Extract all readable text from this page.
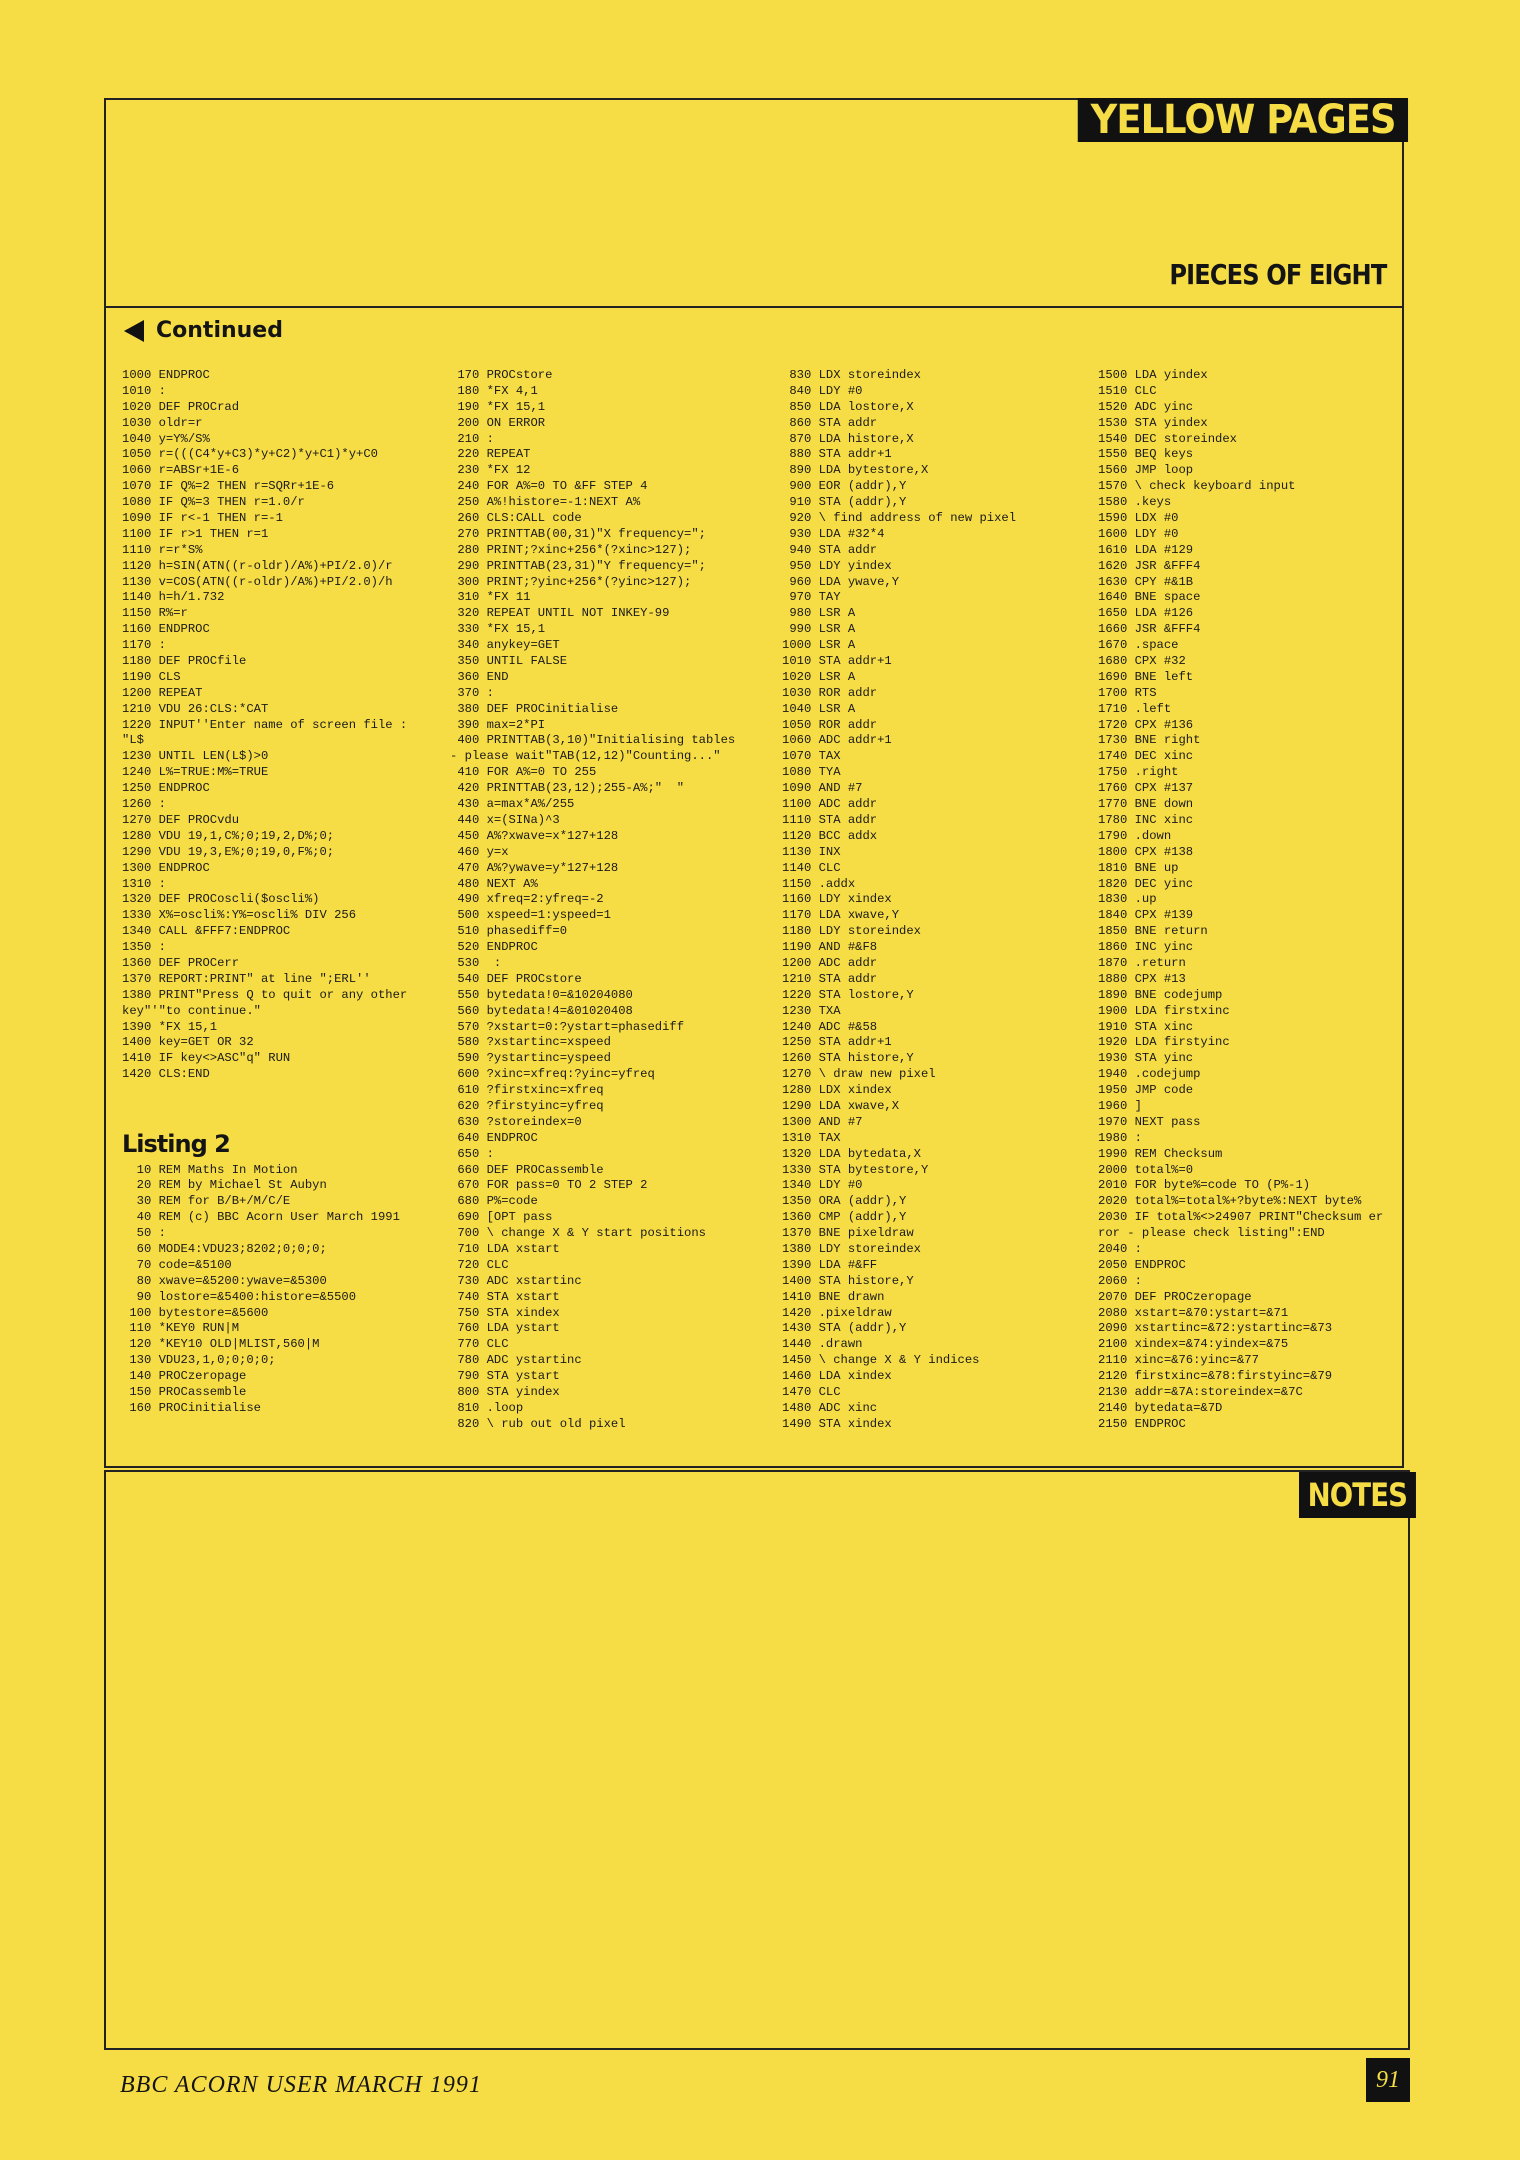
YELLOW PAGES
PIECES OF EIGHT
Continued
Listing 2
1000 ENDPROC
1010 :
1020 DEF PROCrad
1030 oldr=r
1040 y=Y%/S%
1050 r=(((C4*y+C3)*y+C2)*y+C1)*y+C0
1060 r=ABSr+1E-6
1070 IF Q%=2 THEN r=SQRr+1E-6
1080 IF Q%=3 THEN r=1.0/r
1090 IF r<-1 THEN r=-1
1100 IF r>1 THEN r=1
1110 r=r*S%
1120 h=SIN(ATN((r-oldr)/A%)+PI/2.0)/r
1130 v=COS(ATN((r-oldr)/A%)+PI/2.0)/h
1140 h=h/1.732
1150 R%=r
1160 ENDPROC
1170 :
1180 DEF PROCfile
1190 CLS
1200 REPEAT
1210 VDU 26:CLS:*CAT
1220 INPUT''Enter name of screen file :
"L$
1230 UNTIL LEN(L$)>0
1240 L%=TRUE:M%=TRUE
1250 ENDPROC
1260 :
1270 DEF PROCvdu
1280 VDU 19,1,C%;0;19,2,D%;0;
1290 VDU 19,3,E%;0;19,0,F%;0;
1300 ENDPROC
1310 :
1320 DEF PROCoscli($oscli%)
1330 X%=oscli%:Y%=oscli% DIV 256
1340 CALL &FFF7:ENDPROC
1350 :
1360 DEF PROCerr
1370 REPORT:PRINT" at line ";ERL''
1380 PRINT"Press Q to quit or any other
key"'"to continue."
1390 *FX 15,1
1400 key=GET OR 32
1410 IF key<>ASC"q" RUN
1420 CLS:END
10 REM Maths In Motion
20 REM by Michael St Aubyn
30 REM for B/B+/M/C/E
40 REM (c) BBC Acorn User March 1991
50 :
60 MODE4:VDU23;8202;0;0;0;
70 code=&5100
80 xwave=&5200:ywave=&5300
90 lostore=&5400:histore=&5500
100 bytestore=&5600
110 *KEY0 RUN|M
120 *KEY10 OLD|MLIST,560|M
130 VDU23,1,0;0;0;0;
140 PROCzeropage
150 PROCassemble
160 PROCinitialise
170 PROCstore
180 *FX 4,1
190 *FX 15,1
200 ON ERROR
210 :
220 REPEAT
230 *FX 12
240 FOR A%=0 TO &FF STEP 4
250 A%!histore=-1:NEXT A%
260 CLS:CALL code
270 PRINTTAB(00,31)"X frequency=";
280 PRINT;?xinc+256*(?xinc>127);
290 PRINTTAB(23,31)"Y frequency=";
300 PRINT;?yinc+256*(?yinc>127);
310 *FX 11
320 REPEAT UNTIL NOT INKEY-99
330 *FX 15,1
340 anykey=GET
350 UNTIL FALSE
360 END
370 :
380 DEF PROCinitialise
390 max=2*PI
400 PRINTTAB(3,10)"Initialising tables
- please wait"TAB(12,12)"Counting..."
410 FOR A%=0 TO 255
420 PRINTTAB(23,12);255-A%;"  "
430 a=max*A%/255
440 x=(SINa)^3
450 A%?xwave=x*127+128
460 y=x
470 A%?ywave=y*127+128
480 NEXT A%
490 xfreq=2:yfreq=-2
500 xspeed=1:yspeed=1
510 phasediff=0
520 ENDPROC
530  :
540 DEF PROCstore
550 bytedata!0=&10204080
560 bytedata!4=&01020408
570 ?xstart=0:?ystart=phasediff
580 ?xstartinc=xspeed
590 ?ystartinc=yspeed
600 ?xinc=xfreq:?yinc=yfreq
610 ?firstxinc=xfreq
620 ?firstyinc=yfreq
630 ?storeindex=0
640 ENDPROC
650 :
660 DEF PROCassemble
670 FOR pass=0 TO 2 STEP 2
680 P%=code
690 [OPT pass
700 \ change X & Y start positions
710 LDA xstart
720 CLC
730 ADC xstartinc
740 STA xstart
750 STA xindex
760 LDA ystart
770 CLC
780 ADC ystartinc
790 STA ystart
800 STA yindex
810 .loop
820 \ rub out old pixel
830 LDX storeindex
840 LDY #0
850 LDA lostore,X
860 STA addr
870 LDA histore,X
880 STA addr+1
890 LDA bytestore,X
900 EOR (addr),Y
910 STA (addr),Y
920 \ find address of new pixel
930 LDA #32*4
940 STA addr
950 LDY yindex
960 LDA ywave,Y
970 TAY
980 LSR A
990 LSR A
1000 LSR A
1010 STA addr+1
1020 LSR A
1030 ROR addr
1040 LSR A
1050 ROR addr
1060 ADC addr+1
1070 TAX
1080 TYA
1090 AND #7
1100 ADC addr
1110 STA addr
1120 BCC addx
1130 INX
1140 CLC
1150 .addx
1160 LDY xindex
1170 LDA xwave,Y
1180 LDY storeindex
1190 AND #&F8
1200 ADC addr
1210 STA addr
1220 STA lostore,Y
1230 TXA
1240 ADC #&58
1250 STA addr+1
1260 STA histore,Y
1270 \ draw new pixel
1280 LDX xindex
1290 LDA xwave,X
1300 AND #7
1310 TAX
1320 LDA bytedata,X
1330 STA bytestore,Y
1340 LDY #0
1350 ORA (addr),Y
1360 CMP (addr),Y
1370 BNE pixeldraw
1380 LDY storeindex
1390 LDA #&FF
1400 STA histore,Y
1410 BNE drawn
1420 .pixeldraw
1430 STA (addr),Y
1440 .drawn
1450 \ change X & Y indices
1460 LDA xindex
1470 CLC
1480 ADC xinc
1490 STA xindex
1500 LDA yindex
1510 CLC
1520 ADC yinc
1530 STA yindex
1540 DEC storeindex
1550 BEQ keys
1560 JMP loop
1570 \ check keyboard input
1580 .keys
1590 LDX #0
1600 LDY #0
1610 LDA #129
1620 JSR &FFF4
1630 CPY #&1B
1640 BNE space
1650 LDA #126
1660 JSR &FFF4
1670 .space
1680 CPX #32
1690 BNE left
1700 RTS
1710 .left
1720 CPX #136
1730 BNE right
1740 DEC xinc
1750 .right
1760 CPX #137
1770 BNE down
1780 INC xinc
1790 .down
1800 CPX #138
1810 BNE up
1820 DEC yinc
1830 .up
1840 CPX #139
1850 BNE return
1860 INC yinc
1870 .return
1880 CPX #13
1890 BNE codejump
1900 LDA firstxinc
1910 STA xinc
1920 LDA firstyinc
1930 STA yinc
1940 .codejump
1950 JMP code
1960 ]
1970 NEXT pass
1980 :
1990 REM Checksum
2000 total%=0
2010 FOR byte%=code TO (P%-1)
2020 total%=total%+?byte%:NEXT byte%
2030 IF total%<>24907 PRINT"Checksum er
ror - please check listing":END
2040 :
2050 ENDPROC
2060 :
2070 DEF PROCzeropage
2080 xstart=&70:ystart=&71
2090 xstartinc=&72:ystartinc=&73
2100 xindex=&74:yindex=&75
2110 xinc=&76:yinc=&77
2120 firstxinc=&78:firstyinc=&79
2130 addr=&7A:storeindex=&7C
2140 bytedata=&7D
2150 ENDPROC
NOTES
BBC ACORN USER MARCH 1991	91
